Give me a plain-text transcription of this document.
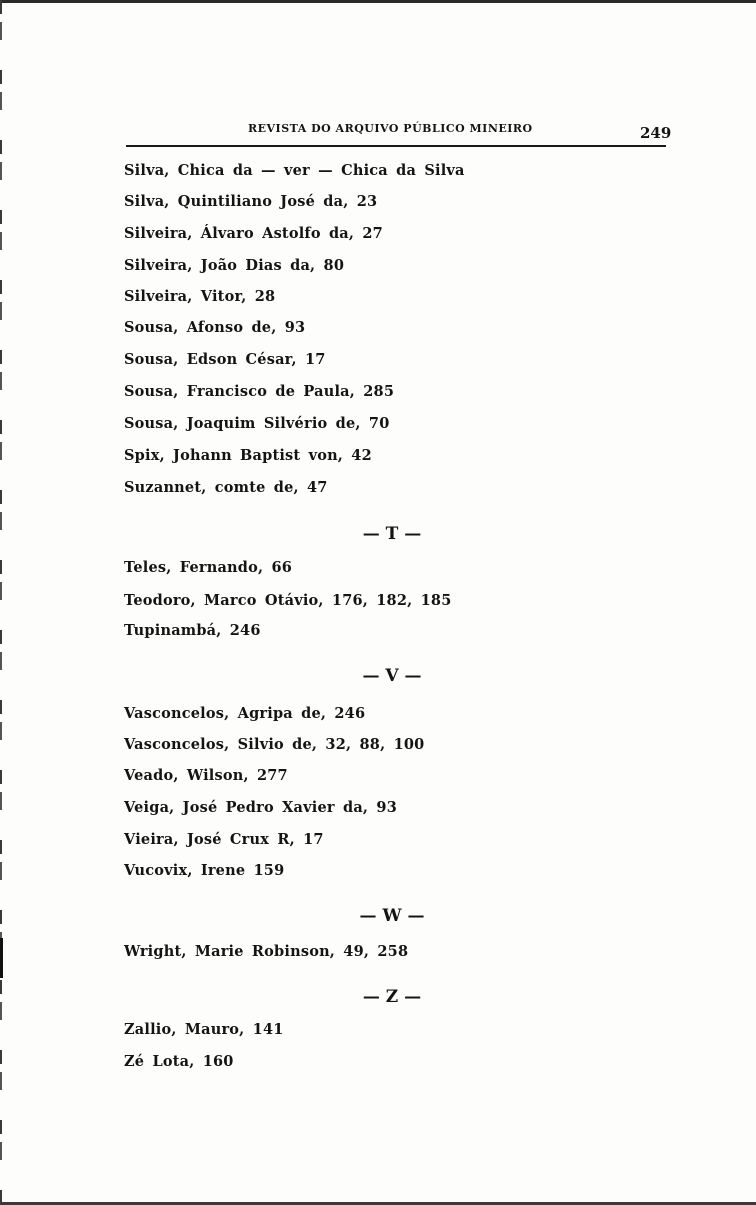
REVISTA DO ARQUIVO PÚBLICO MINEIRO	249
Silva, Chica da — ver — Chica da Silva
Silva, Quintiliano José da, 23
Silveira, Álvaro Astolfo da, 27
Silveira, João Dias da, 80
Silveira, Vitor, 28
Sousa, Afonso de, 93
Sousa, Edson César, 17
Sousa, Francisco de Paula, 285
Sousa, Joaquim Silvério de, 70
Spix, Johann Baptist von, 42
Suzannet, comte de, 47
— T —
Teles, Fernando, 66
Teodoro, Marco Otávio, 176, 182, 185
Tupinambá, 246
— V —
Vasconcelos, Agripa de, 246
Vasconcelos, Silvio de, 32, 88, 100
Veado, Wilson, 277
Veiga, José Pedro Xavier da, 93
Vieira, José Crux R, 17
Vucovix, Irene 159
— W —
Wright, Marie Robinson, 49, 258
— Z —
Zallio, Mauro, 141
Zé Lota, 160
